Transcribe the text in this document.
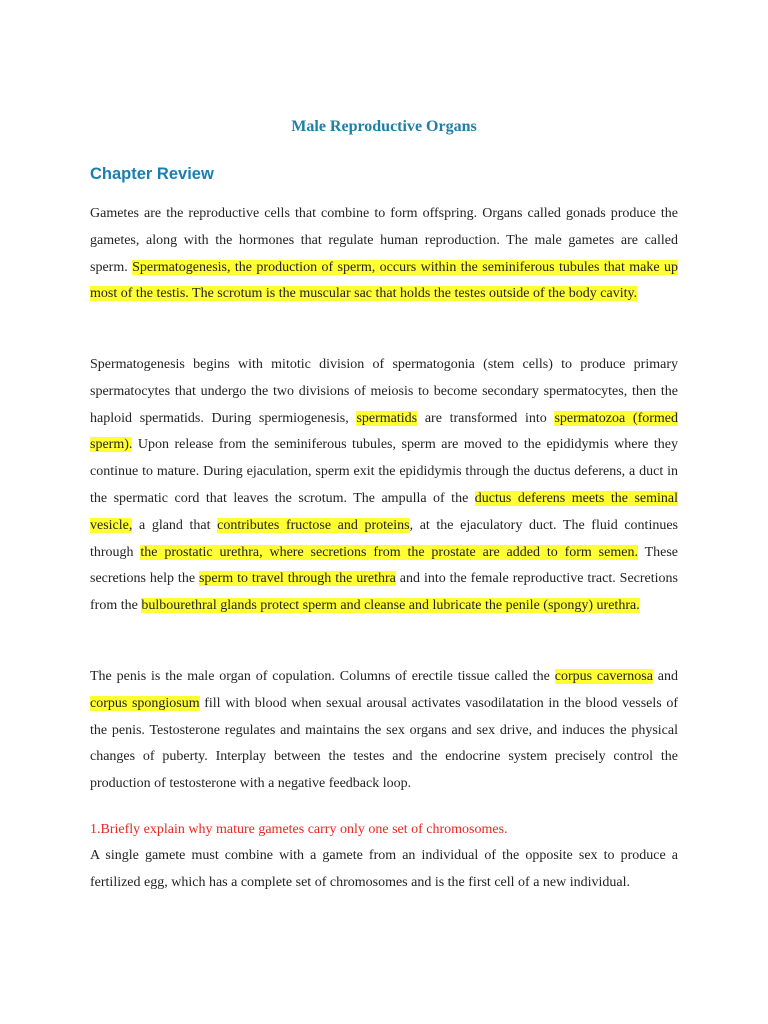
Male Reproductive Organs
Chapter Review

Gametes are the reproductive cells that combine to form offspring. Organs called gonads produce the gametes, along with the hormones that regulate human reproduction. The male gametes are called sperm. Spermatogenesis, the production of sperm, occurs within the seminiferous tubules that make up most of the testis. The scrotum is the muscular sac that holds the testes outside of the body cavity.

Spermatogenesis begins with mitotic division of spermatogonia (stem cells) to produce primary spermatocytes that undergo the two divisions of meiosis to become secondary spermatocytes, then the haploid spermatids. During spermiogenesis, spermatids are transformed into spermatozoa (formed sperm). Upon release from the seminiferous tubules, sperm are moved to the epididymis where they continue to mature. During ejaculation, sperm exit the epididymis through the ductus deferens, a duct in the spermatic cord that leaves the scrotum. The ampulla of the ductus deferens meets the seminal vesicle, a gland that contributes fructose and proteins, at the ejaculatory duct. The fluid continues through the prostatic urethra, where secretions from the prostate are added to form semen. These secretions help the sperm to travel through the urethra and into the female reproductive tract. Secretions from the bulbourethral glands protect sperm and cleanse and lubricate the penile (spongy) urethra.

The penis is the male organ of copulation. Columns of erectile tissue called the corpus cavernosa and corpus spongiosum fill with blood when sexual arousal activates vasodilatation in the blood vessels of the penis. Testosterone regulates and maintains the sex organs and sex drive, and induces the physical changes of puberty. Interplay between the testes and the endocrine system precisely control the production of testosterone with a negative feedback loop.

1.Briefly explain why mature gametes carry only one set of chromosomes.

A single gamete must combine with a gamete from an individual of the opposite sex to produce a fertilized egg, which has a complete set of chromosomes and is the first cell of a new individual.
